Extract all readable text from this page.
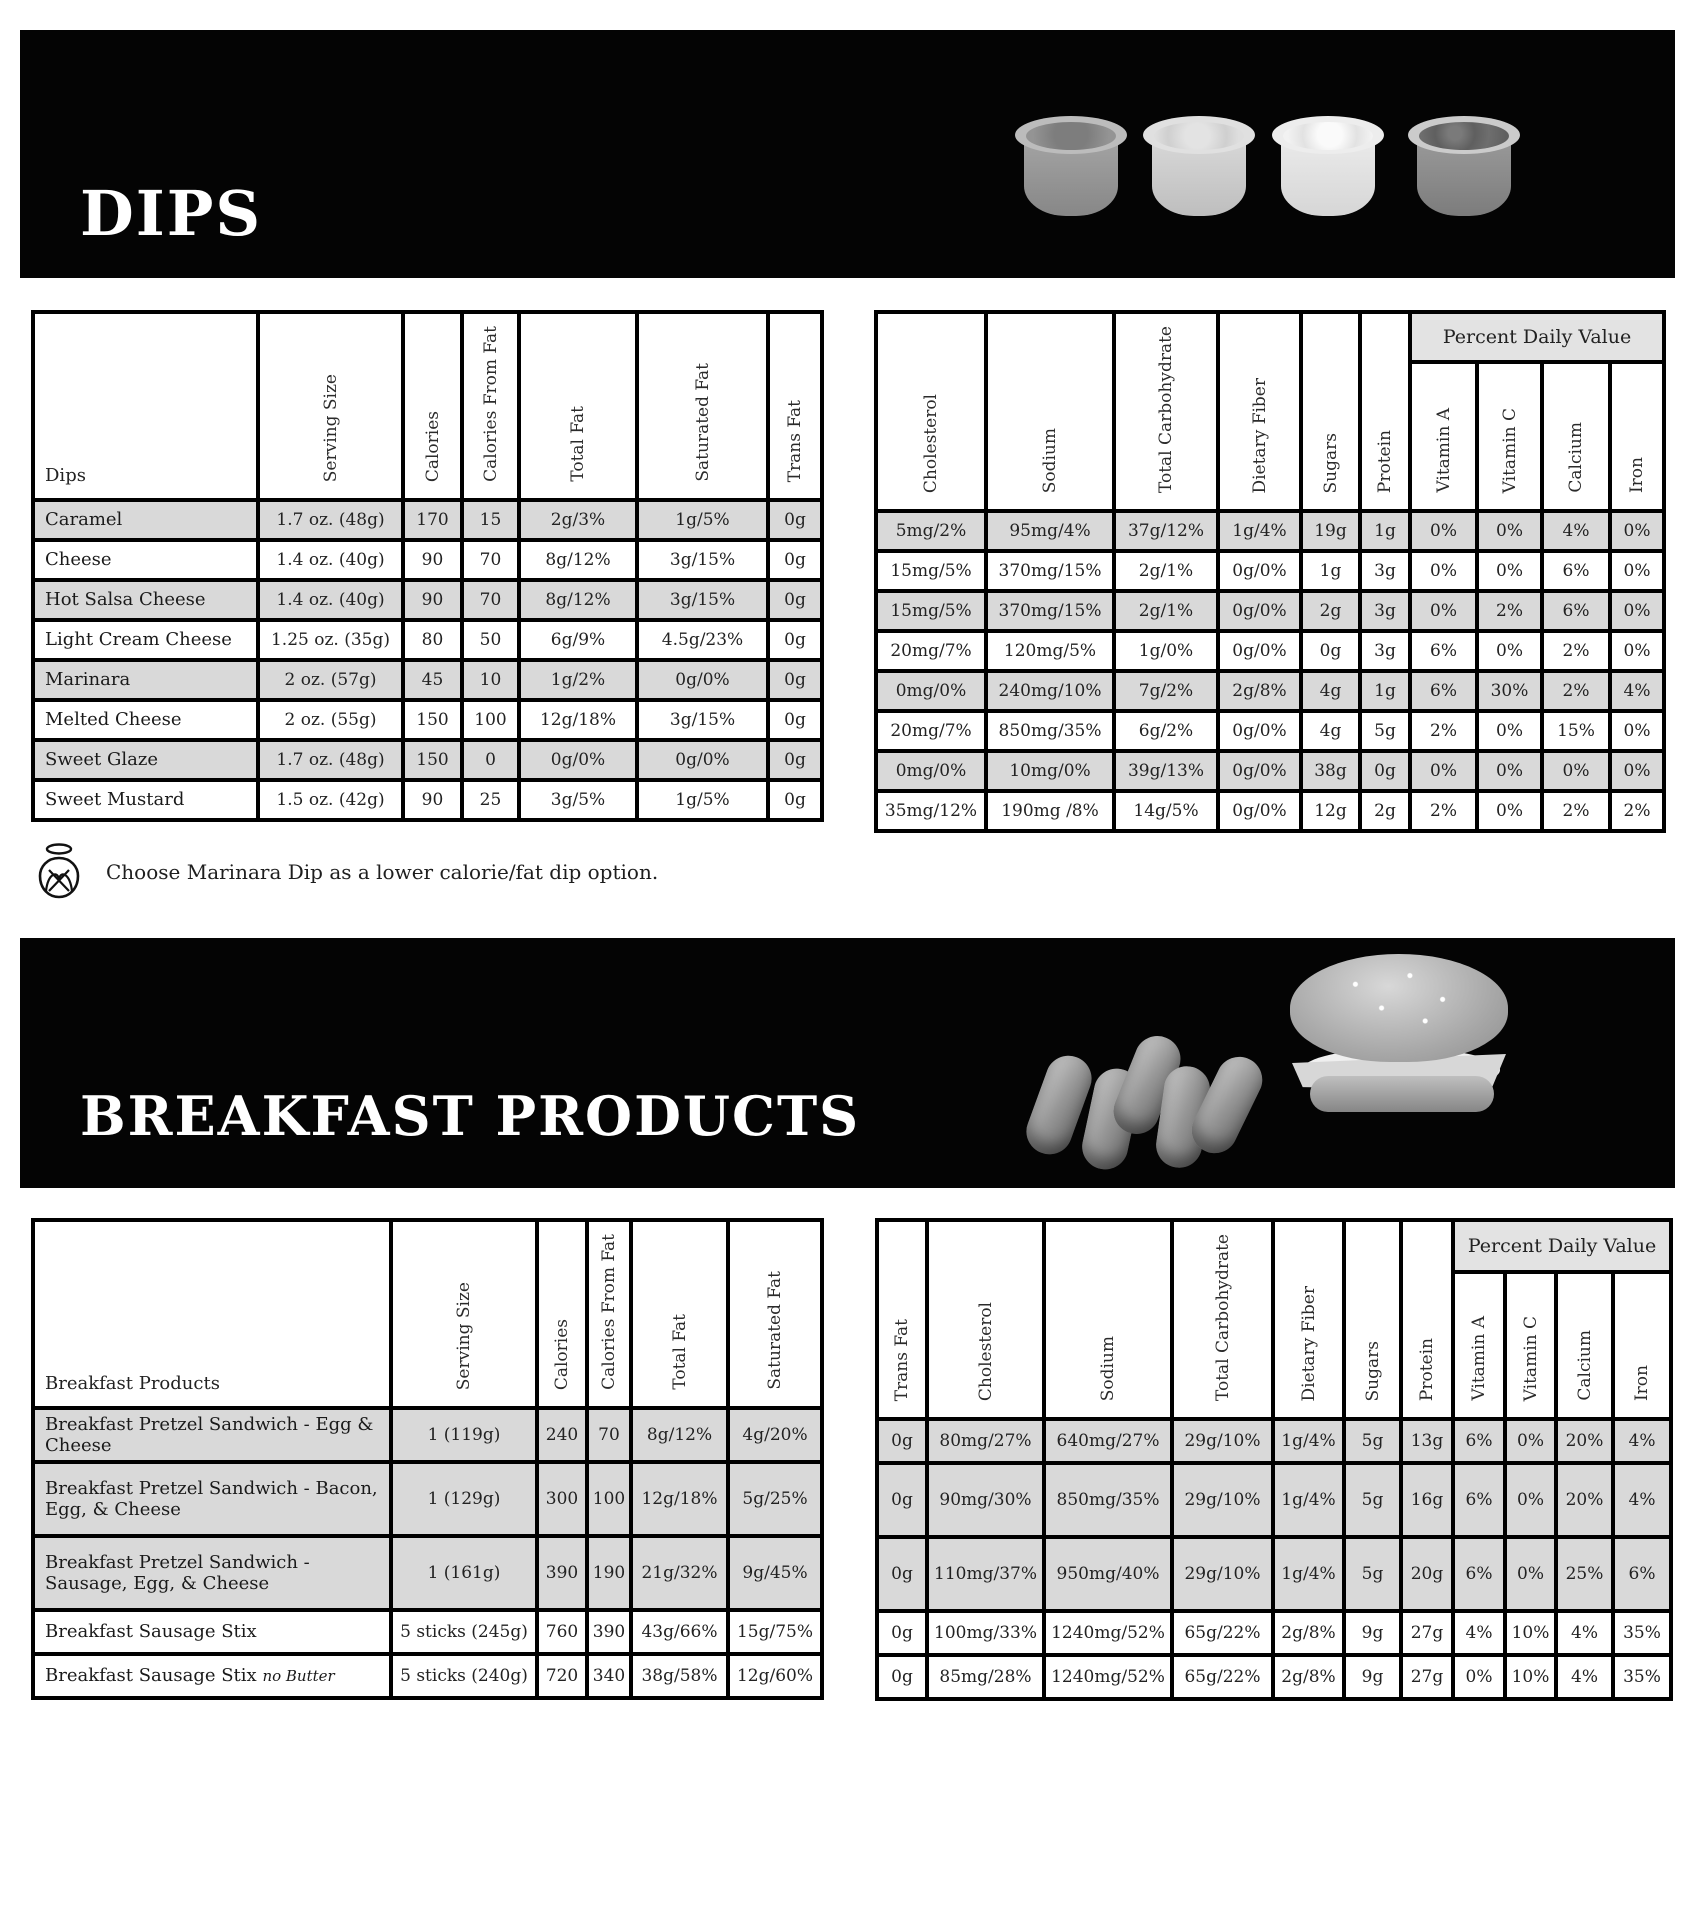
DIPS
Dips	Serving Size	Calories	Calories From Fat	Total Fat	Saturated Fat	Trans Fat
Caramel	1.7 oz. (48g)	170	15	2g/3%	1g/5%	0g
Cheese	1.4 oz. (40g)	90	70	8g/12%	3g/15%	0g
Hot Salsa Cheese	1.4 oz. (40g)	90	70	8g/12%	3g/15%	0g
Light Cream Cheese	1.25 oz. (35g)	80	50	6g/9%	4.5g/23%	0g
Marinara	2 oz. (57g)	45	10	1g/2%	0g/0%	0g
Melted Cheese	2 oz. (55g)	150	100	12g/18%	3g/15%	0g
Sweet Glaze	1.7 oz. (48g)	150	0	0g/0%	0g/0%	0g
Sweet Mustard	1.5 oz. (42g)	90	25	3g/5%	1g/5%	0g
Cholesterol	Sodium	Total Carbohydrate	Dietary Fiber	Sugars	Protein	Percent Daily Value			
						Vitamin A	Vitamin C	Calcium	Iron
5mg/2%	95mg/4%	37g/12%	1g/4%	19g	1g	0%	0%	4%	0%
15mg/5%	370mg/15%	2g/1%	0g/0%	1g	3g	0%	0%	6%	0%
15mg/5%	370mg/15%	2g/1%	0g/0%	2g	3g	0%	2%	6%	0%
20mg/7%	120mg/5%	1g/0%	0g/0%	0g	3g	6%	0%	2%	0%
0mg/0%	240mg/10%	7g/2%	2g/8%	4g	1g	6%	30%	2%	4%
20mg/7%	850mg/35%	6g/2%	0g/0%	4g	5g	2%	0%	15%	0%
0mg/0%	10mg/0%	39g/13%	0g/0%	38g	0g	0%	0%	0%	0%
35mg/12%	190mg /8%	14g/5%	0g/0%	12g	2g	2%	0%	2%	2%
Choose Marinara Dip as a lower calorie/fat dip option.
BREAKFAST PRODUCTS
Breakfast Products	Serving Size	Calories	Calories From Fat	Total Fat	Saturated Fat
Breakfast Pretzel Sandwich - Egg & Cheese	1 (119g)	240	70	8g/12%	4g/20%
Breakfast Pretzel Sandwich - Bacon, Egg, & Cheese	1 (129g)	300	100	12g/18%	5g/25%
Breakfast Pretzel Sandwich - Sausage, Egg, & Cheese	1 (161g)	390	190	21g/32%	9g/45%
Breakfast Sausage Stix	5 sticks (245g)	760	390	43g/66%	15g/75%
Breakfast Sausage Stix no Butter	5 sticks (240g)	720	340	38g/58%	12g/60%
Trans Fat	Cholesterol	Sodium	Total Carbohydrate	Dietary Fiber	Sugars	Protein	Percent Daily Value			
							Vitamin A	Vitamin C	Calcium	Iron
0g	80mg/27%	640mg/27%	29g/10%	1g/4%	5g	13g	6%	0%	20%	4%
0g	90mg/30%	850mg/35%	29g/10%	1g/4%	5g	16g	6%	0%	20%	4%
0g	110mg/37%	950mg/40%	29g/10%	1g/4%	5g	20g	6%	0%	25%	6%
0g	100mg/33%	1240mg/52%	65g/22%	2g/8%	9g	27g	4%	10%	4%	35%
0g	85mg/28%	1240mg/52%	65g/22%	2g/8%	9g	27g	0%	10%	4%	35%
